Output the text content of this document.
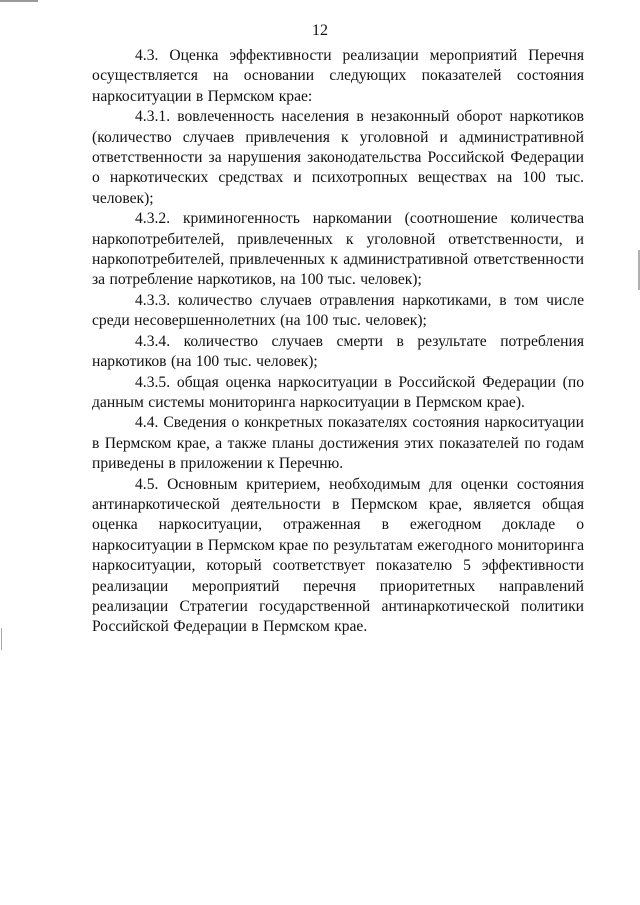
12

4.3. Оценка эффективности реализации мероприятий Перечня осуществляется на основании следующих показателей состояния наркоситуации в Пермском крае:

4.3.1. вовлеченность населения в незаконный оборот наркотиков (количество случаев привлечения к уголовной и административной ответственности за нарушения законодательства Российской Федерации о наркотических средствах и психотропных веществах на 100 тыс. человек);

4.3.2. криминогенность наркомании (соотношение количества наркопотребителей, привлеченных к уголовной ответственности, и наркопотребителей, привлеченных к административной ответственности за потребление наркотиков, на 100 тыс. человек);

4.3.3. количество случаев отравления наркотиками, в том числе среди несовершеннолетних (на 100 тыс. человек);

4.3.4. количество случаев смерти в результате потребления наркотиков (на 100 тыс. человек);

4.3.5. общая оценка наркоситуации в Российской Федерации (по данным системы мониторинга наркоситуации в Пермском крае).

4.4. Сведения о конкретных показателях состояния наркоситуации в Пермском крае, а также планы достижения этих показателей по годам приведены в приложении к Перечню.

4.5. Основным критерием, необходимым для оценки состояния антинаркотической деятельности в Пермском крае, является общая оценка наркоситуации, отраженная в ежегодном докладе о наркоситуации в Пермском крае по результатам ежегодного мониторинга наркоситуации, который соответствует показателю 5 эффективности реализации мероприятий перечня приоритетных направлений реализации Стратегии государственной антинаркотической политики Российской Федерации в Пермском крае.
